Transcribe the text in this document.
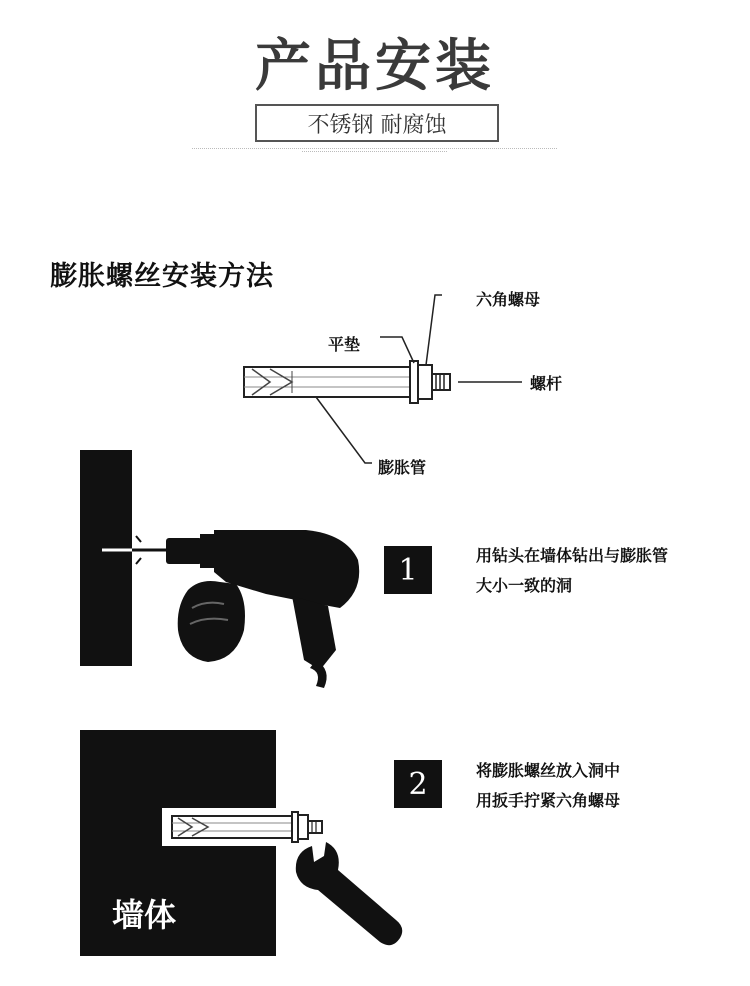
产品安装
不锈钢 耐腐蚀
膨胀螺丝安装方法
六角螺母
平垫
螺杆
膨胀管
1	用钻头在墙体钻出与膨胀管
大小一致的洞
墙体
2	将膨胀螺丝放入洞中
用扳手拧紧六角螺母
